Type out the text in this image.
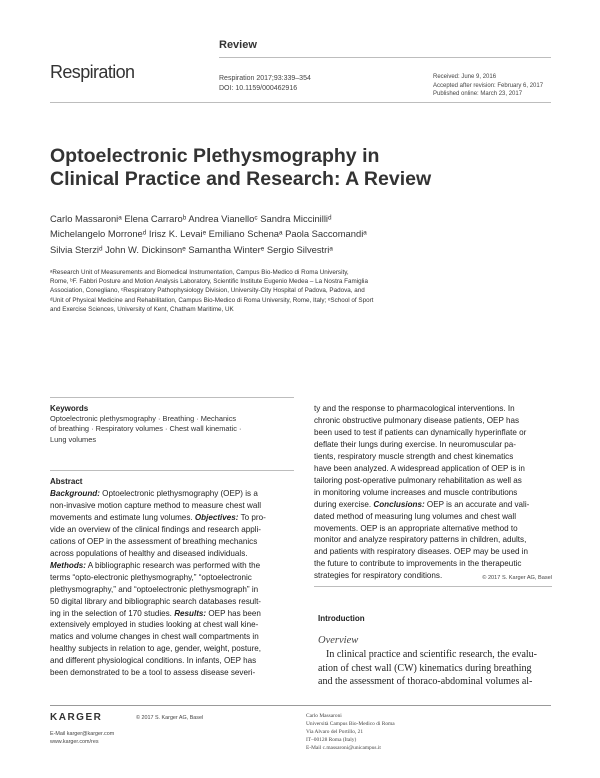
Review
Respiration	Respiration 2017;93:339–354
DOI: 10.1159/000462916
Received: June 9, 2016
Accepted after revision: February 6, 2017
Published online: March 23, 2017
Optoelectronic Plethysmography in
Clinical Practice and Research: A Review

Carlo Massaroniᵃ Elena Carraroᵇ Andrea Vianelloᶜ Sandra Miccinilliᵈ

Michelangelo Morroneᵈ Irisz K. Levaiᵉ Emiliano Schenaᵃ Paola Saccomandiᵃ

Silvia Sterziᵈ John W. Dickinsonᵉ Samantha Winterᵉ Sergio Silvestriᵃ

ᵃResearch Unit of Measurements and Biomedical Instrumentation, Campus Bio-Medico di Roma University,

Rome, ᵇF. Fabbri Posture and Motion Analysis Laboratory, Scientific Institute Eugenio Medea – La Nostra Famiglia

Association, Conegliano, ᶜRespiratory Pathophysiology Division, University-City Hospital of Padova, Padova, and

ᵈUnit of Physical Medicine and Rehabilitation, Campus Bio-Medico di Roma University, Rome, Italy; ᵉSchool of Sport

and Exercise Sciences, University of Kent, Chatham Maritime, UK

Keywords

Optoelectronic plethysmography · Breathing · Mechanics

of breathing · Respiratory volumes · Chest wall kinematic ·

Lung volumes

Abstract

Background: Optoelectronic plethysmography (OEP) is a

non-invasive motion capture method to measure chest wall

movements and estimate lung volumes. Objectives: To pro-

vide an overview of the clinical findings and research appli-

cations of OEP in the assessment of breathing mechanics

across populations of healthy and diseased individuals.

Methods: A bibliographic research was performed with the

terms “opto-electronic plethysmography,” “optoelectronic

plethysmography,” and “optoelectronic plethysmograph” in

50 digital library and bibliographic search databases result-

ing in the selection of 170 studies. Results: OEP has been

extensively employed in studies looking at chest wall kine-

matics and volume changes in chest wall compartments in

healthy subjects in relation to age, gender, weight, posture,

and different physiological conditions. In infants, OEP has

been demonstrated to be a tool to assess disease severi-

ty and the response to pharmacological interventions. In

chronic obstructive pulmonary disease patients, OEP has

been used to test if patients can dynamically hyperinflate or

deflate their lungs during exercise. In neuromuscular pa-

tients, respiratory muscle strength and chest kinematics

have been analyzed. A widespread application of OEP is in

tailoring post-operative pulmonary rehabilitation as well as

in monitoring volume increases and muscle contributions

during exercise. Conclusions: OEP is an accurate and vali-

dated method of measuring lung volumes and chest wall

movements. OEP is an appropriate alternative method to

monitor and analyze respiratory patterns in children, adults,

and patients with respiratory diseases. OEP may be used in

the future to contribute to improvements in the therapeutic

strategies for respiratory conditions.	© 2017 S. Karger AG, Basel
Introduction
Overview

In clinical practice and scientific research, the evalu-

ation of chest wall (CW) kinematics during breathing

and the assessment of thoraco-abdominal volumes al-

KARGER	© 2017 S. Karger AG, Basel
E-Mail karger@karger.com
www.karger.com/res
Carlo Massaroni
Università Campus Bio-Medico di Roma
Via Alvaro del Portillo, 21
IT–00128 Roma (Italy)
E-Mail c.massaroni@unicampus.it
